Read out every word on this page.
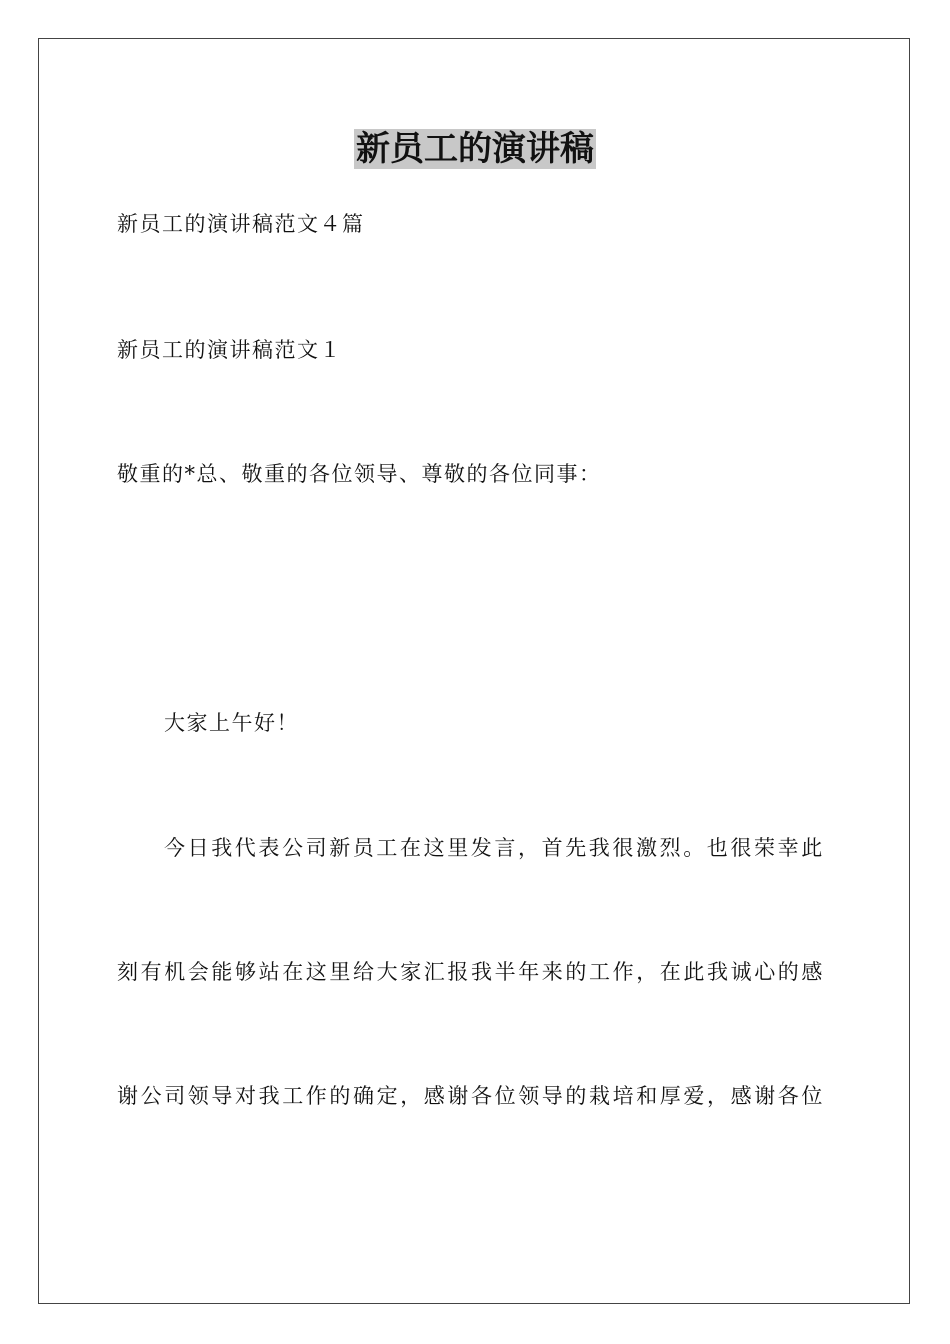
新员工的演讲稿
新员工的演讲稿范文４篇
新员工的演讲稿范文１
敬重的*总、敬重的各位领导、尊敬的各位同事：
大家上午好！
今日我代表公司新员工在这里发言，首先我很激烈。也很荣幸此
刻有机会能够站在这里给大家汇报我半年来的工作，在此我诚心的感
谢公司领导对我工作的确定，感谢各位领导的栽培和厚爱，感谢各位
